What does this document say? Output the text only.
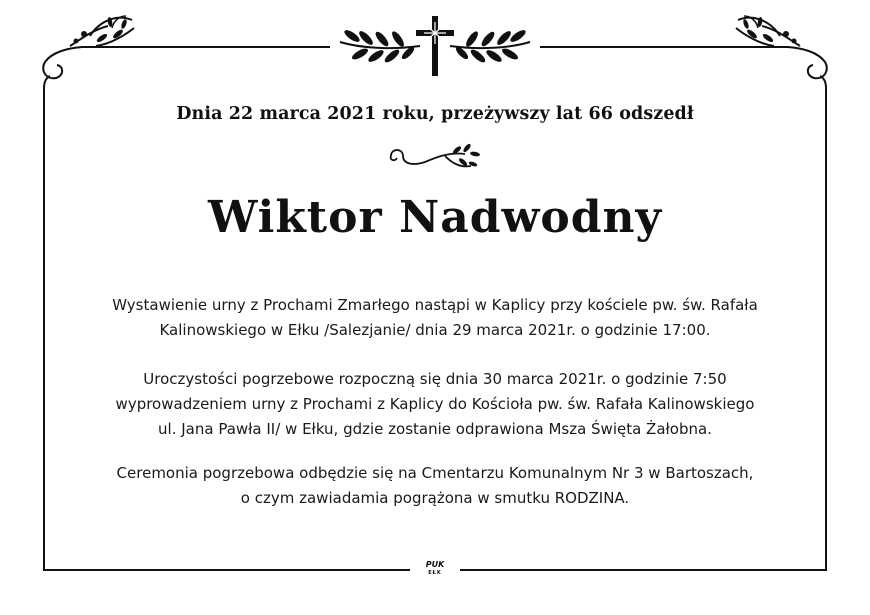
Dnia 22 marca 2021 roku, przeżywszy lat 66 odszedł
Wiktor Nadwodny
Wystawienie urny z Prochami Zmarłego nastąpi w Kaplicy przy kościele pw. św. Rafała
Kalinowskiego w Ełku /Salezjanie/ dnia 29 marca 2021r. o godzinie 17:00.
Uroczystości pogrzebowe rozpoczną się dnia 30 marca 2021r. o godzinie 7:50
wyprowadzeniem urny z Prochami z Kaplicy do Kościoła pw. św. Rafała Kalinowskiego
ul. Jana Pawła II/ w Ełku, gdzie zostanie odprawiona Msza Święta Żałobna.
Ceremonia pogrzebowa odbędzie się na Cmentarzu Komunalnym Nr 3 w Bartoszach,
o czym zawiadamia pogrążona w smutku RODZINA.
PUK
EŁK
